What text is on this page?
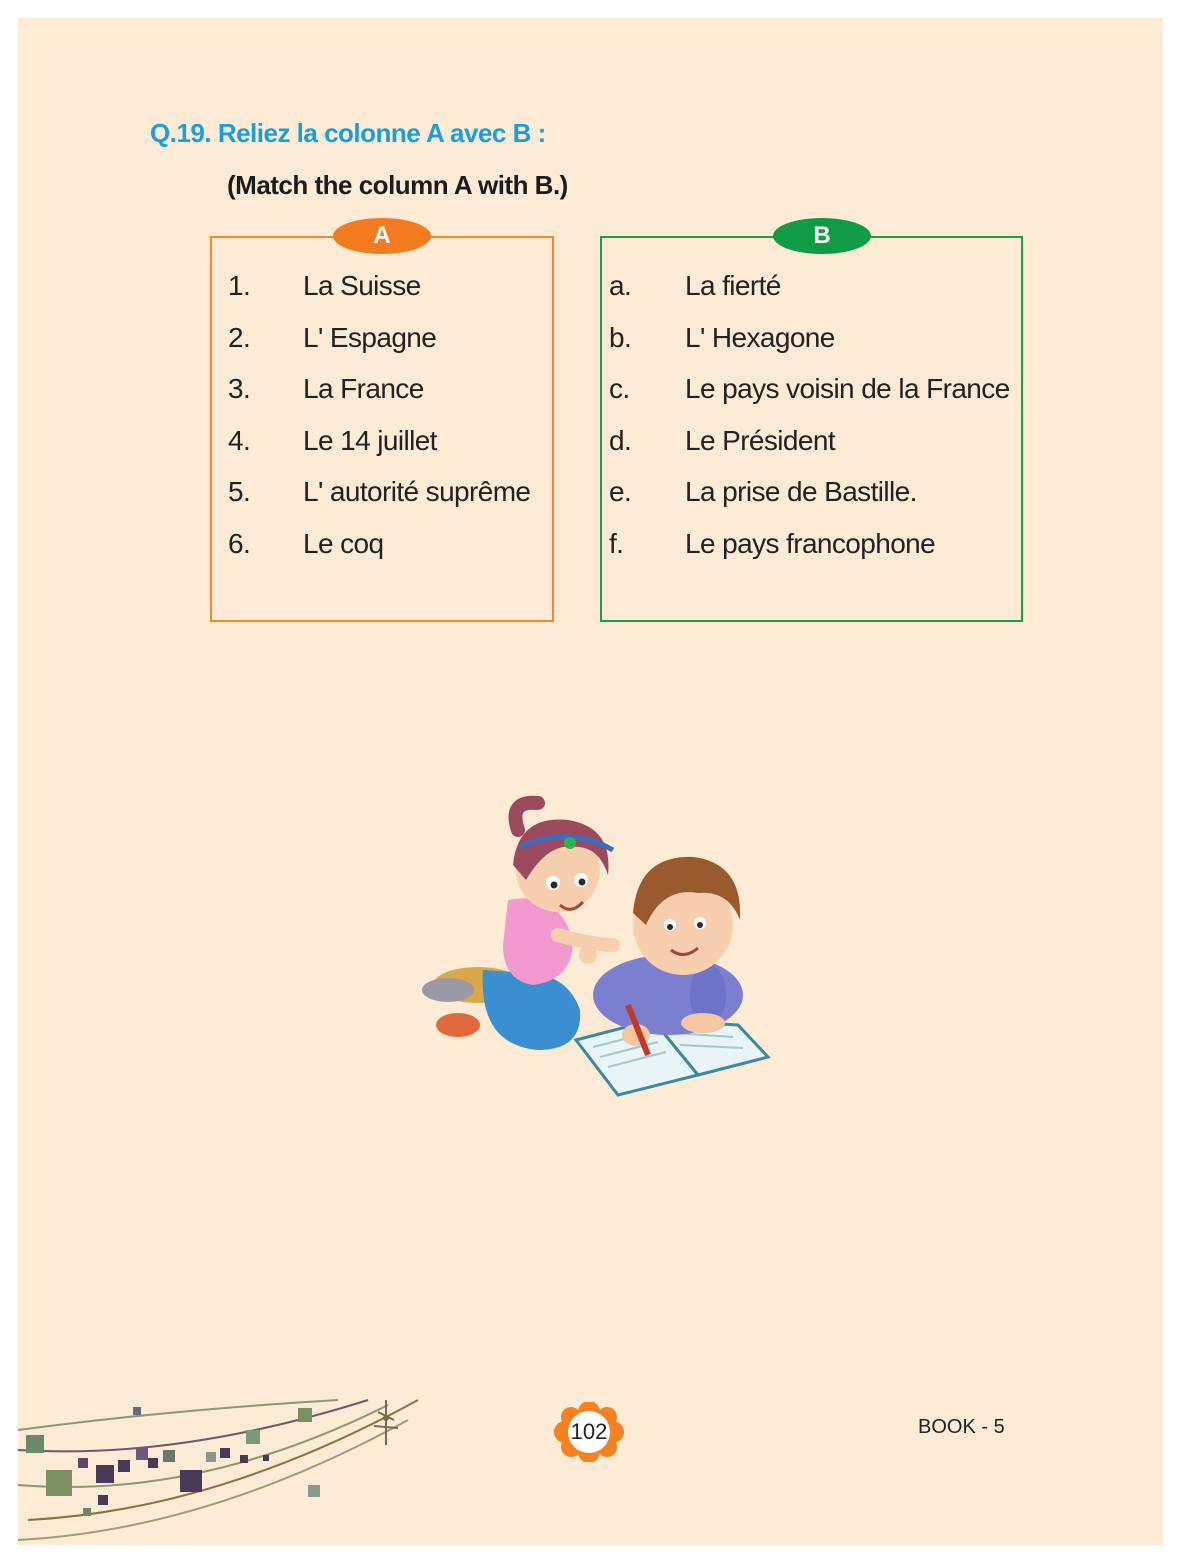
Q.19. Reliez la colonne A avec B :
(Match the column A with B.)
A	B
1. La Suisse
2. L' Espagne
3. La France
4. Le 14 juillet
5. L' autorité suprême
6. Le coq
a. La fierté
b. L' Hexagone
c. Le pays voisin de la France
d. Le Président
e. La prise de Bastille.
f. Le pays francophone
102	BOOK - 5
